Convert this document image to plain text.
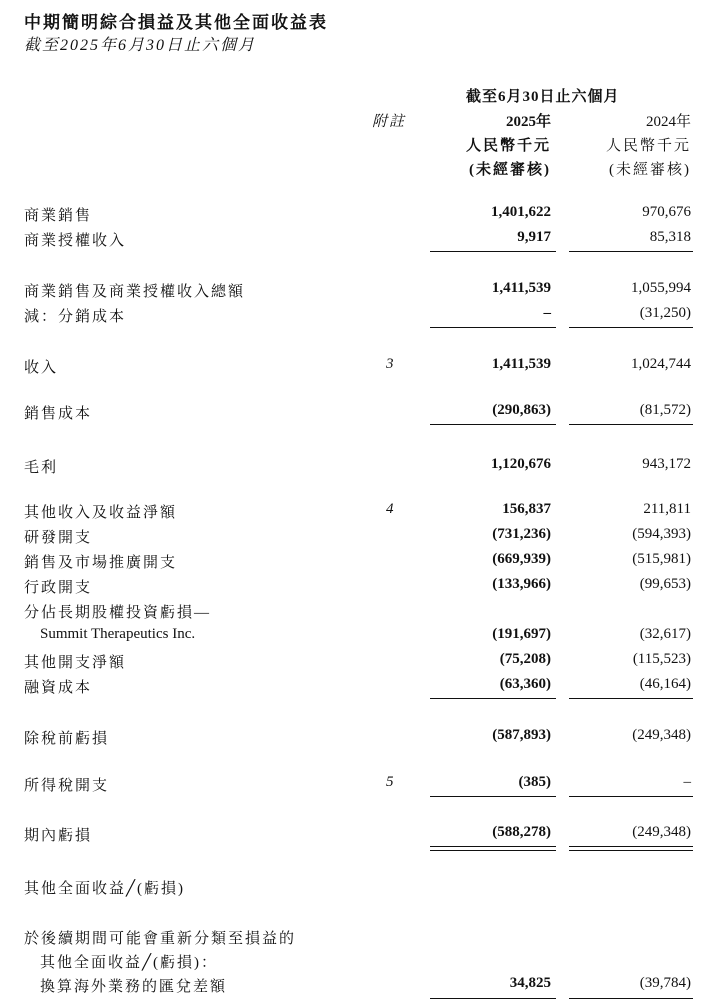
中期簡明綜合損益及其他全面收益表
截至2025年6月30日止六個月
截至6月30日止六個月
附註	2025年	2024年
人民幣千元	人民幣千元
(未經審核)	(未經審核)
商業銷售	1,401,622	970,676
商業授權收入	9,917	85,318
商業銷售及商業授權收入總額	1,411,539	1,055,994
減：分銷成本	–	(31,250)
收入	3	1,411,539	1,024,744
銷售成本	(290,863)	(81,572)
毛利	1,120,676	943,172
其他收入及收益淨額	4	156,837	211,811
研發開支	(731,236)	(594,393)
銷售及市場推廣開支	(669,939)	(515,981)
行政開支	(133,966)	(99,653)
分佔長期股權投資虧損—
Summit Therapeutics Inc.	(191,697)	(32,617)
其他開支淨額	(75,208)	(115,523)
融資成本	(63,360)	(46,164)
除稅前虧損	(587,893)	(249,348)
所得稅開支	5	(385)	–
期內虧損	(588,278)	(249,348)
其他全面收益╱(虧損)
於後續期間可能會重新分類至損益的
其他全面收益╱(虧損)：
換算海外業務的匯兌差額	34,825	(39,784)
